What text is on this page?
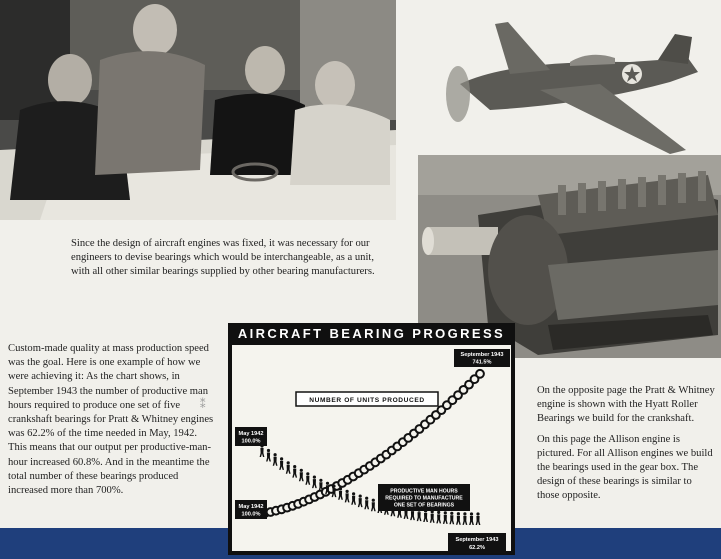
Since the design of aircraft engines was fixed, it was necessary for our engineers to devise bearings which would be interchangeable, as a unit, with all other similar bearings supplied by other bearing manufacturers.

Custom-made quality at mass production speed was the goal. Here is one example of how we were achieving it: As the chart shows, in September 1943 the number of productive man hours required to produce one set of five crankshaft bearings for Pratt & Whitney engines was 62.2% of the time needed in May, 1942. This means that our output per productive-man-hour increased 60.8%. And in the meantime the total number of these bearings produced increased more than 700%.

On the opposite page the Pratt & Whitney engine is shown with the Hyatt Roller Bearings we build for the crankshaft.

On this page the Allison engine is pictured. For all Allison engines we build the bearings used in the gear box. The design of these bearings is similar to those opposite.

⁑
AIRCRAFT BEARING PROGRESS
May 1942
100.0%
September 1943
741.5%
May 1942
100.0%
September 1943
62.2%
NUMBER OF UNITS PRODUCED
PRODUCTIVE MAN HOURS
REQUIRED TO MANUFACTURE
ONE SET OF BEARINGS
